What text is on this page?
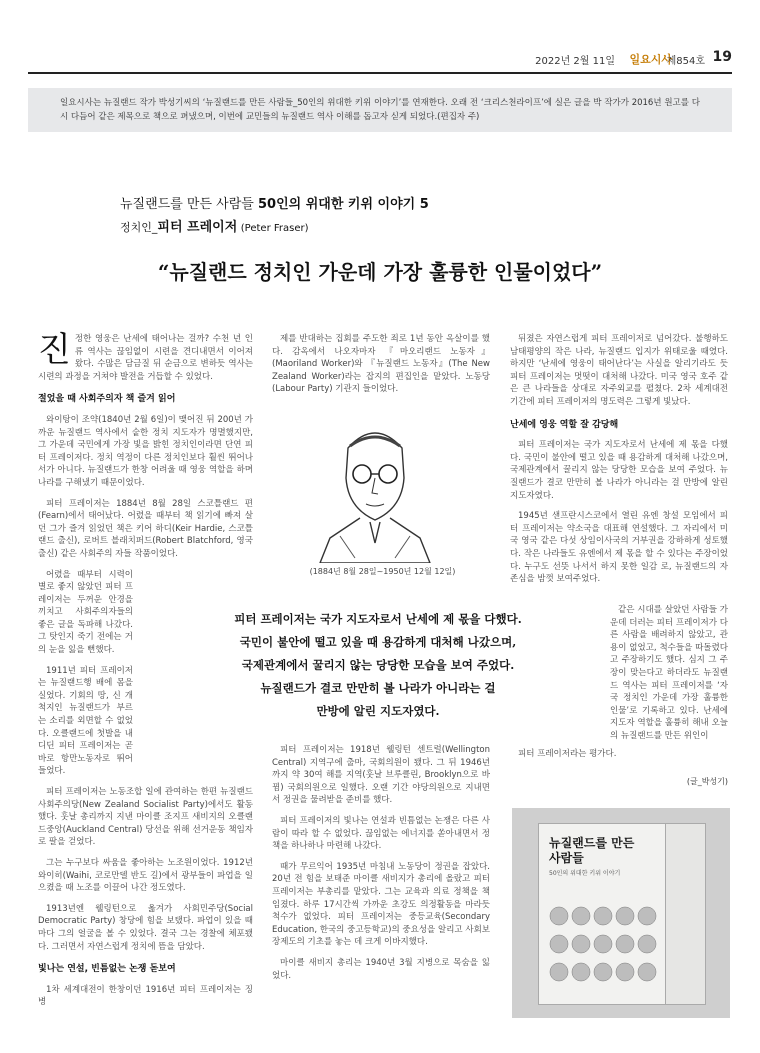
2022년 2월 11일 일요시사
제854호 19
일요시사는 뉴질랜드 작가 박성기씨의 ‘뉴질랜드를 만든 사람들_50인의 위대한 키위 이야기’를 연재한다. 오래 전 ‘크리스천라이프’에 실은 글을 박 작가가 2016년 원고를 다시 다듬어 같은 제목으로 책으로 펴냈으며, 이번에 교민들의 뉴질랜드 역사 이해를 돕고자 싣게 되었다.(편집자 주)
뉴질랜드를 만든 사람들 50인의 위대한 키위 이야기 5
정치인_피터 프레이저 (Peter Fraser)
“뉴질랜드 정치인 가운데 가장 훌륭한 인물이었다”

진정한 영웅은 난세에 태어나는 걸까? 수천 년 인류 역사는 끊임없이 시련을 견디내면서 이어져 왔다. 수많은 담금질 뒤 순금으로 변하듯 역사는 시련의 과정을 거쳐야 발전을 거듭할 수 있었다.

절었을 때 사회주의자 책 즐겨 읽어

와이탕이 조약(1840년 2월 6일)이 맺어진 뒤 200년 가까운 뉴질랜드 역사에서 숱한 정치 지도자가 명멸했지만, 그 가운데 국민에게 가장 빛을 밝힌 정치인이라면 단연 피터 프레이저다. 정치 역정이 다른 정치인보다 훨씬 뛰어나서가 아니다. 뉴질랜드가 한창 어려울 때 영웅 역할을 하며 나라를 구해냈기 때문이었다.

피터 프레이저는 1884년 8월 28일 스코틀랜드 편(Fearn)에서 태어났다. 어렸을 때부터 책 읽기에 빠져 살던 그가 즐겨 읽었던 책은 키어 하디(Keir Hardie, 스코틀랜드 출신), 로버트 블래치퍼드(Robert Blatchford, 영국 출신) 같은 사회주의 자들 작품이었다.

어렸을 때부터 시력이 별로 좋지 않았던 피터 프레이저는 두꺼운 안경을 끼치고 사회주의자들의 좋은 글을 독파해 나갔다. 그 탓인지 죽기 전에는 거의 눈을 잃을 뻔했다.

1911년 피터 프레이저는 뉴질랜드행 배에 몸을 실었다. 기회의 땅, 신 개척지인 뉴질랜드가 부르는 소리를 외면할 수 없었다. 오클랜드에 첫발을 내디딘 피터 프레이저는 곧바로 항만노동자로 뛰어들었다.

피터 프레이저는 노동조합 일에 관여하는 한편 뉴질랜드사회주의당(New Zealand Socialist Party)에서도 활동했다. 훗날 총리까지 지낸 마이클 조지프 새비지의 오클랜드중앙(Auckland Central) 당선을 위해 선거운동 책임자로 팔을 걷었다.

그는 누구보다 싸움을 좋아하는 노조원이었다. 1912년 와이히(Waihi, 코로만델 반도 길)에서 광부들이 파업을 일으켰을 때 노조를 이끌어 나간 정도였다.

1913년엔 웰링턴으로 옮겨가 사회민주당(Social Democratic Party) 창당에 힘을 보탰다. 파업이 있을 때마다 그의 얼굴을 볼 수 있었다. 결국 그는 경찰에 체포됐다. 그러면서 자연스럽게 정치에 뜸을 담았다.

빛나는 연설, 빈틈없는 논쟁 돋보여

1차 세계대전이 한창이던 1916년 피터 프레이저는 징병

제를 반대하는 집회를 주도한 죄로 1년 동안 옥살이를 했다. 감옥에서 나오자마자 『마오리랜드 노동자』(Maoriland Worker)와 『뉴질랜드 노동자』(The New Zealand Worker)라는 잡지의 편집인을 맡았다. 노동당(Labour Party) 기관지 들이었다.

(1884년 8월 28일~1950년 12월 12일)
피터 프레이저는 국가 지도자로서 난세에 제 몫을 다했다.
국민이 불안에 떨고 있을 때 용감하게 대처해 나갔으며,
국제관계에서 꿀리지 않는 당당한 모습을 보여 주었다.
뉴질랜드가 결코 만만히 볼 나라가 아니라는 걸
만방에 알린 지도자였다.

피터 프레이저는 1918년 웰링턴 센트럴(Wellington Central) 지역구에 출마, 국회의원이 됐다. 그 뒤 1946년까지 약 30여 해를 지역(훗날 브루클린, Brooklyn으로 바뀜) 국회의원으로 일했다. 오랜 기간 야당의원으로 지내면서 정권을 물려받을 준비를 했다.

피터 프레이저의 빛나는 연설과 빈틈없는 논쟁은 다른 사람이 따라 할 수 없었다. 끊임없는 에너지를 쏟아내면서 정책을 하나하나 마련해 나갔다.

때가 무르익어 1935년 마침내 노동당이 정권을 잡았다. 20년 전 힘을 보태준 마이클 새비지가 총리에 올랐고 피터 프레이저는 부총리를 맡았다. 그는 교육과 의료 정책을 책임졌다. 하루 17시간씩 가까운 초강도 의정활동을 마라듯 척수가 없었다. 피터 프레이저는 중등교육(Secondary Education, 한국의 중고등학교)의 중요성을 알리고 사회보장제도의 기초를 놓는 데 크게 이바지했다.

마이클 새비지 총리는 1940년 3월 지병으로 목숨을 잃었다.

뒤졌은 자연스럽게 피터 프레이저로 넘어갔다. 불행하도 남태평양의 작은 나라, 뉴질랜드 입지가 위태로울 때였다. 하지만 ‘난세에 영웅이 태어난다’는 사실을 알리기라도 듯 피터 프레이저는 멋떳이 대처해 나갔다. 미국 영국 호주 같은 큰 나라들을 상대로 자주외교를 펼쳤다. 2차 세계대전 기간에 피터 프레이저의 명도력은 그렇게 빛났다.

난세에 영웅 역할 잘 감당해

피터 프레이저는 국가 지도자로서 난세에 제 몫을 다했다. 국민이 불안에 떨고 있을 때 용감하게 대처해 나갔으며, 국제관계에서 꿀리지 않는 당당한 모습을 보여 주었다. 뉴질랜드가 결코 만만히 볼 나라가 아니라는 걸 만방에 알린 지도자였다.

1945년 샌프란시스코에서 열린 유엔 창설 모임에서 피터 프레이저는 약소국을 대표해 연설했다. 그 자리에서 미국 영국 같은 다섯 상임이사국의 거부권을 강하하게 성토했다. 작은 나라들도 유엔에서 제 몫을 할 수 있다는 주장이었다. 누구도 선뜻 나서서 하지 못한 일감 로, 뉴질랜드의 자존심을 밤껏 보여주었다.

같은 시대를 살았던 사람들 가운데 더러는 피터 프레이저가 다른 사람을 배려하지 않았고, 관용이 없었고, 척수들을 따돌렸다고 주장하기도 했다. 심지 그 주장이 맞는다고 하더라도 뉴질랜드 역사는 피터 프레이저를 ‘자국 정치인 가운데 가장 훌륭한 인물’로 기록하고 있다. 난세에 지도자 역할을 훌륭히 해내 오늘의 뉴질랜드를 만든 위인이

피터 프레이저라는 평가다.

(글_박성기)
뉴질랜드를 만든
사람들
50인의 위대한 키위 이야기
